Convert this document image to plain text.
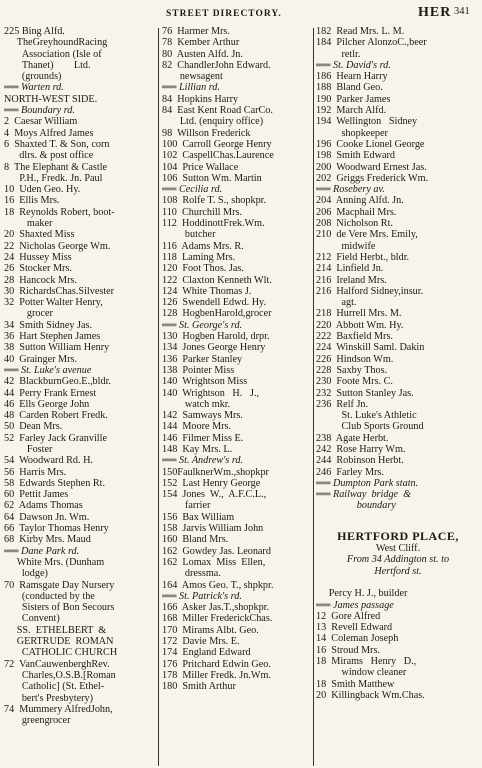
STREET DIRECTORY.	HER 341
225 Bing Alfd.
TheGreyhoundRacing
Association (Isle of
Thanet)        Ltd.
(grounds)
══ Warten rd.
NORTH-WEST SIDE.
══ Boundary rd.
2  Caesar William
4  Moys Alfred James
6  Shaxted T. & Son, corn
dlrs. & post office
8  The Elephant & Castle
P.H., Fredk. Jn. Paul
10  Uden Geo. Hy.
16  Ellis Mrs.
18  Reynolds Robert, boot-
maker
20  Shaxted Miss
22  Nicholas George Wm.
24  Hussey Miss
26  Stocker Mrs.
28  Hancock Mrs.
30  RichardsChas.Silvester
32  Potter Walter Henry,
grocer
34  Smith Sidney Jas.
36  Hart Stephen James
38  Sutton William Henry
40  Grainger Mrs.
══ St. Luke's avenue
42  BlackburnGeo.E.,bldr.
44  Perry Frank Ernest
46  Ells George John
48  Carden Robert Fredk.
50  Dean Mrs.
52  Farley Jack Granville
Foster
54  Woodward Rd. H.
56  Harris Mrs.
58  Edwards Stephen Rt.
60  Pettit James
62  Adams Thomas
64  Dawson Jn. Wm.
66  Taylor Thomas Henry
68  Kirby Mrs. Maud
══ Dane Park rd.
White Mrs. (Dunham
lodge)
70  Ramsgate Day Nursery
(conducted by the
Sisters of Bon Secours
Convent)
SS.  ETHELBERT  &
GERTRUDE  ROMAN
CATHOLIC CHURCH
72  VanCauwenberghRev.
Charles,O.S.B.[Roman
Catholic] (St. Ethel-
bert's Presbytery)
74  Mummery AlfredJohn,
greengrocer
76  Harmer Mrs.
78  Kember Arthur
80  Austen Alfd. Jn.
82  ChandlerJohn Edward.
newsagent
══ Lillian rd.
84  Hopkins Harry
84  East Kent Road CarCo.
Ltd. (enquiry office)
98  Willson Frederick
100  Carroll George Henry
102  CaspellChas.Laurence
104  Price Wallace
106  Sutton Wm. Martin
══ Cecilia rd.
108  Rolfe T. S., shopkpr.
110  Churchill Mrs.
112  HoddinottFrek.Wm.
butcher
116  Adams Mrs. R.
118  Laming Mrs.
120  Foot Thos. Jas.
122  Claxton Kenneth Wlt.
124  White Thomas J.
126  Swendell Edwd. Hy.
128  HogbenHarold,grocer
══ St. George's rd.
130  Hogben Harold, drpr.
134  Jones George Henry
136  Parker Stanley
138  Pointer Miss
140  Wrightson Miss
140  Wrightson   H.   J.,
watch mkr.
142  Samways Mrs.
144  Moore Mrs.
146  Filmer Miss E.
148  Kay Mrs. L.
══ St. Andrew's rd.
150FaulknerWm.,shopkpr
152  Last Henry George
154  Jones  W.,  A.F.C.L.,
farrier
156  Bax William
158  Jarvis William John
160  Bland Mrs.
162  Gowdey Jas. Leonard
162  Lomax  Miss  Ellen,
dressma.
164  Amos Geo. T., shpkpr.
══ St. Patrick's rd.
166  Asker Jas.T.,shopkpr.
168  Miller FrederickChas.
170  Mirams Albt. Geo.
172  Davie Mrs. E.
174  England Edward
176  Pritchard Edwin Geo.
178  Miller Fredk. Jn.Wm.
180  Smith Arthur
182  Read Mrs. L. M.
184  Pilcher AlonzoC.,beer
retlr.
══ St. David's rd.
186  Hearn Harry
188  Bland Geo.
190  Parker James
192  March Alfd.
194  Wellington   Sidney
shopkeeper
196  Cooke Lionel George
198  Smith Edward
200  Woodward Ernest Jas.
202  Griggs Frederick Wm.
══ Rosebery av.
204  Anning Alfd. Jn.
206  Macphail Mrs.
208  Nicholson Rt.
210  de Vere Mrs. Emily,
midwife
212  Field Herbt., bldr.
214  Linfield Jn.
216  Ireland Mrs.
216  Halford Sidney,insur.
agt.
218  Hurrell Mrs. M.
220  Abbott Wm. Hy.
222  Baxfield Mrs.
224  Winskill Saml. Dakin
226  Hindson Wm.
228  Saxby Thos.
230  Foote Mrs. C.
232  Sutton Stanley Jas.
236  Relf Jn.
St. Luke's Athletic
Club Sports Ground
238  Agate Herbt.
242  Rose Harry Wm.
244  Robinson Herbt.
246  Farley Mrs.
══ Dumpton Park statn.
══ Railway  bridge  &
boundary

HERTFORD PLACE,
West Cliff.
From 34 Addington st. to
Hertford st.

Percy H. J., builder
══ James passage
12  Gore Alfred
13  Revell Edward
14  Coleman Joseph
16  Stroud Mrs.
18  Mirams   Henry   D.,
window cleaner
18  Smith Matthew
20  Killingback Wm.Chas.
